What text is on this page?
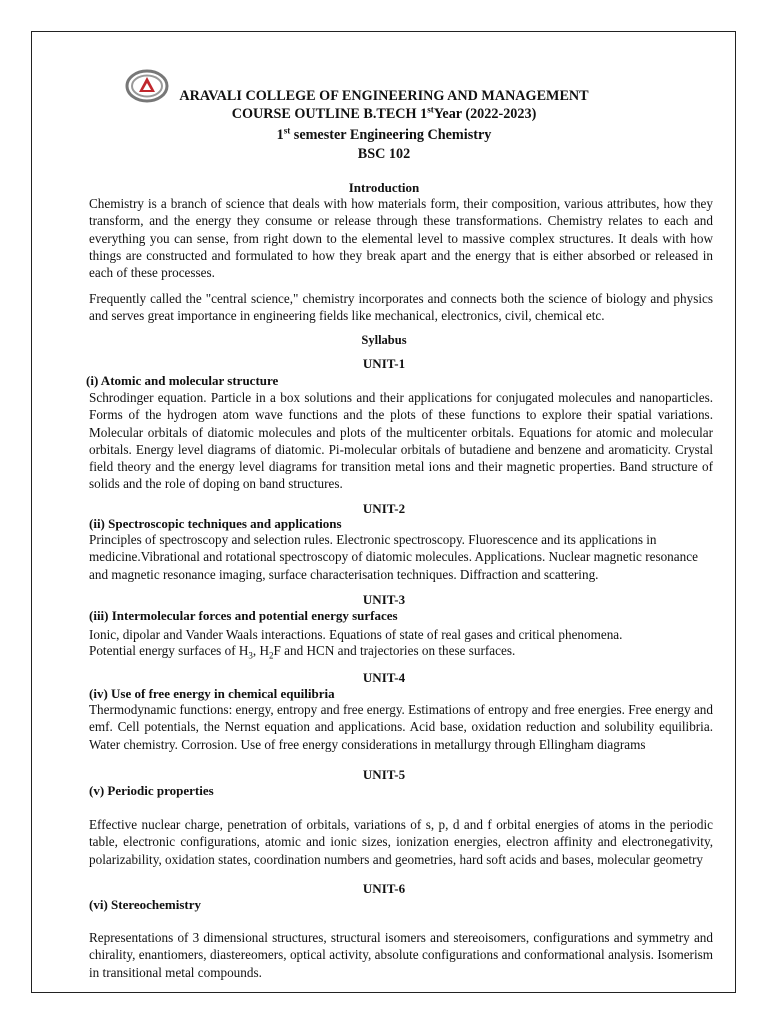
ARAVALI COLLEGE OF ENGINEERING AND MANAGEMENT
COURSE OUTLINE B.TECH 1stYear (2022-2023)
1st semester Engineering Chemistry
BSC 102
Introduction
Chemistry is a branch of science that deals with how materials form, their composition, various attributes, how they transform, and the energy they consume or release through these transformations. Chemistry relates to each and everything you can sense, from right down to the elemental level to massive complex structures. It deals with how things are constructed and formulated to how they break apart and the energy that is either absorbed or released in each of these processes.
Frequently called the "central science," chemistry incorporates and connects both the science of biology and physics and serves great importance in engineering fields like mechanical, electronics, civil, chemical etc.
Syllabus
UNIT-1
(i) Atomic and molecular structure
Schrodinger equation. Particle in a box solutions and their applications for conjugated molecules and nanoparticles. Forms of the hydrogen atom wave functions and the plots of these functions to explore their spatial variations. Molecular orbitals of diatomic molecules and plots of the multicenter orbitals. Equations for atomic and molecular orbitals. Energy level diagrams of diatomic. Pi-molecular orbitals of butadiene and benzene and aromaticity. Crystal field theory and the energy level diagrams for transition metal ions and their magnetic properties. Band structure of solids and the role of doping on band structures.
UNIT-2
(ii) Spectroscopic techniques and applications
Principles of spectroscopy and selection rules. Electronic spectroscopy. Fluorescence and its applications in medicine.Vibrational and rotational spectroscopy of diatomic molecules. Applications. Nuclear magnetic resonance and magnetic resonance imaging, surface characterisation techniques. Diffraction and scattering.
UNIT-3
(iii) Intermolecular forces and potential energy surfaces
Ionic, dipolar and Vander Waals interactions. Equations of state of real gases and critical phenomena.
Potential energy surfaces of $H_3$, $H_2F$ and HCN and trajectories on these surfaces.
UNIT-4
(iv) Use of free energy in chemical equilibria
Thermodynamic functions: energy, entropy and free energy. Estimations of entropy and free energies. Free energy and emf. Cell potentials, the Nernst equation and applications. Acid base, oxidation reduction and solubility equilibria. Water chemistry. Corrosion. Use of free energy considerations in metallurgy through Ellingham diagrams
UNIT-5
(v) Periodic properties
Effective nuclear charge, penetration of orbitals, variations of s, p, d and f orbital energies of atoms in the periodic table, electronic configurations, atomic and ionic sizes, ionization energies, electron affinity and electronegativity, polarizability, oxidation states, coordination numbers and geometries, hard soft acids and bases, molecular geometry
UNIT-6
(vi) Stereochemistry
Representations of 3 dimensional structures, structural isomers and stereoisomers, configurations and symmetry and chirality, enantiomers, diastereomers, optical activity, absolute configurations and conformational analysis. Isomerism in transitional metal compounds.
